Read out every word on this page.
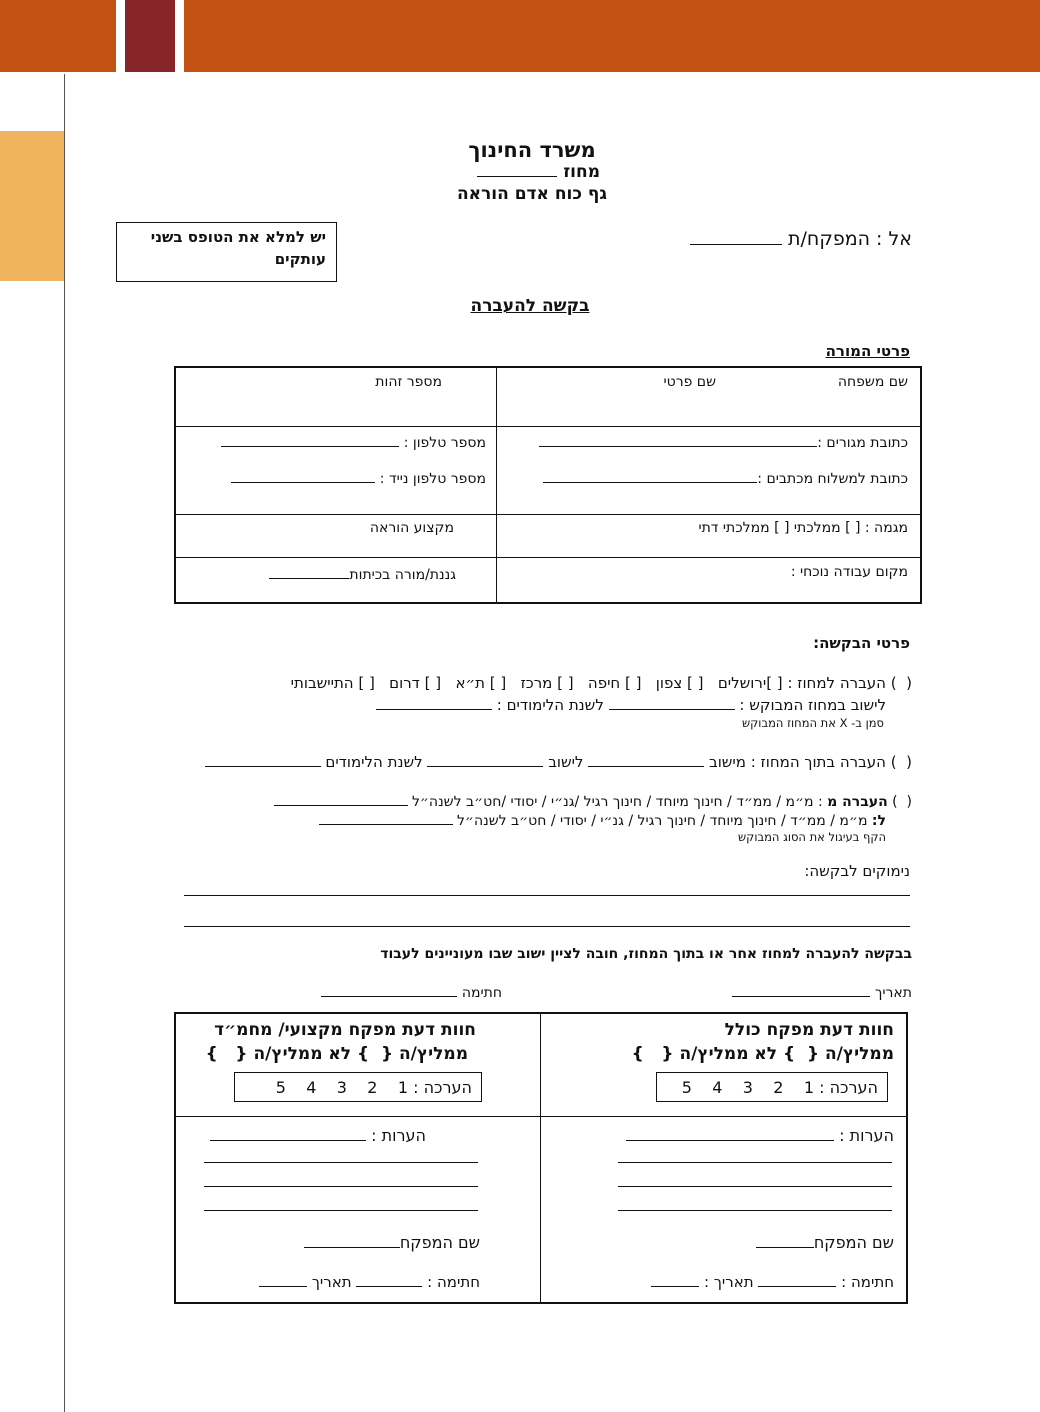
משרד החינוך
מחוז
גף כוח אדם הוראה
אל : המפקח/ת
יש למלא את הטופס בשני עותקים
בקשה להעברה
פרטי המורה
שם משפחה
שם פרטי
מספר זהות
כתובת מגורים :
כתובת למשלוח מכתבים :
מספר טלפון :
מספר טלפון נייד :
מגמה : [ ] ממלכתי [ ] ממלכתי דתי
מקצוע הוראה
מקום עבודה נוכחי :
גננת/מורה בכיתות
פרטי הבקשה:
(  ) העברה למחוז : [ ]ירושלים   [ ] צפון   [ ] חיפה   [ ] מרכז   [ ] ת״א   [ ] דרום   [ ] התיישבותי
לישוב במחוז המבוקש :  לשנת הלימודים :
סמן ב- X את המחוז המבוקש
(  ) העברה בתוך המחוז : מישוב  לישוב  לשנת הלימודים
(  ) העברה מ : מ״מ / ממ״ד / חינוך מיוחד / חינוך רגיל /גנ״י / יסודי /חט״ב לשנה״ל
ל: מ״מ / ממ״ד / חינוך מיוחד / חינוך רגיל / גנ״י / יסודי / חט״ב לשנה״ל
הקף בעיגול את הסוג המבוקש
נימוקים לבקשה:
בבקשה להעברה למחוז אחר או בתוך המחוז, חובה לציין ישוב שבו מעוניינים לעבוד
תאריך
חתימה
חוות דעת מפקח כולל
ממליץ/ה {  } לא ממליץ/ה {   }
הערכה : 1    2    3    4    5
הערות :
שם המפקח
חתימה :  תאריך :
חוות דעת מפקח מקצועי/ מחמ״ד
ממליץ/ה {  } לא ממליץ/ה {   }
הערכה : 1    2    3    4    5
הערות :
שם המפקח
חתימה :  תאריך
